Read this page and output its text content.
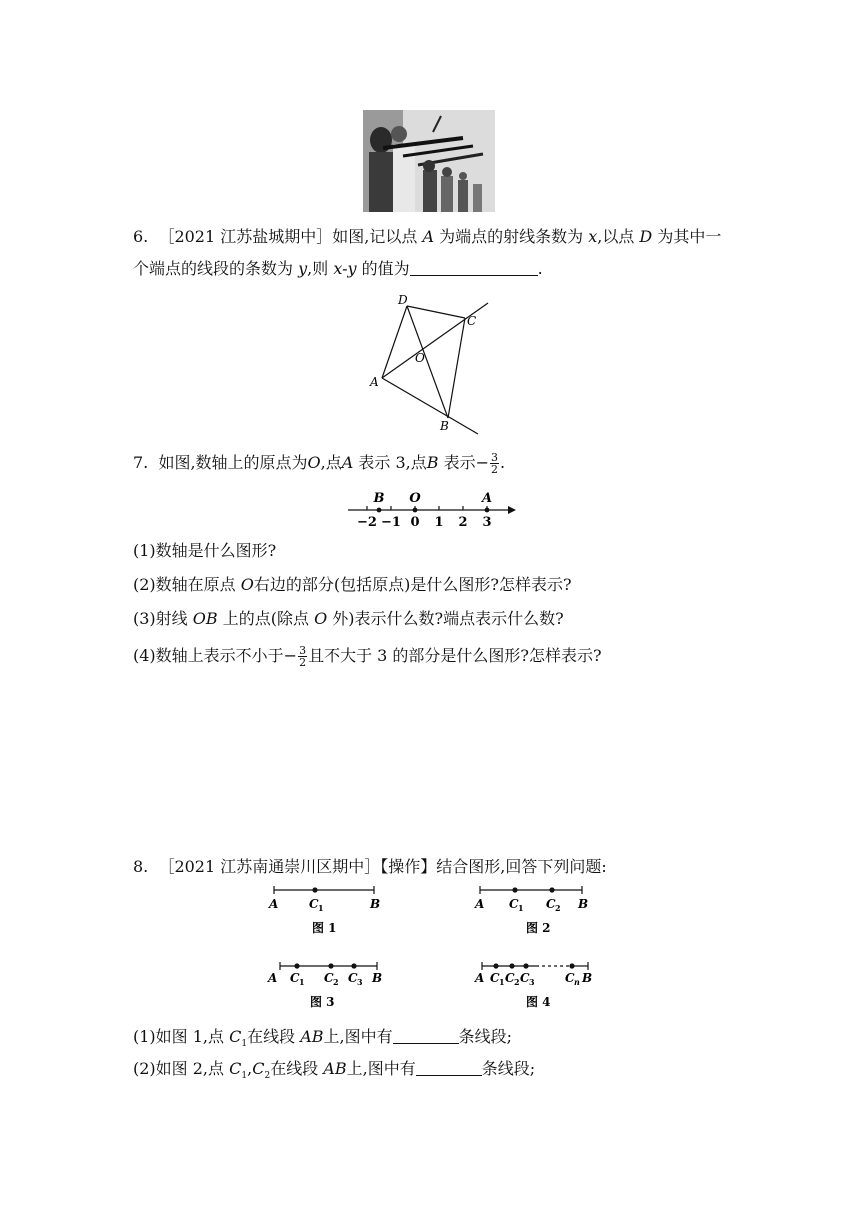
6. ［2021 江苏盐城期中］如图,记以点 A 为端点的射线条数为 x,以点 D 为其中一
个端点的线段的条数为 y,则 x-y 的值为	.
D
C
O
A
B
7. 如图,数轴上的原点为O,点A 表示 3,点B 表示− $\frac{3}{2}$ .
−2 −1 0 1 2 3
B O	A
(1)数轴是什么图形?
(2)数轴在原点 O右边的部分(包括原点)是什么图形?怎样表示?
(3)射线 OB 上的点(除点 O 外)表示什么数?端点表示什么数?
(4)数轴上表示不小于− $\frac{3}{2}$ 且不大于 3 的部分是什么图形?怎样表示?
8. ［2021 江苏南通崇川区期中］【操作】结合图形,回答下列问题:
A	C 1	B
图 1
A C 1 C 2 B
图 2
A C 1 C 2 C 3 B
图 3
A C 1 C 2 C 3	C n B
图 4
(1)如图 1,点 $C_1$在线段 AB上,图中有	条线段;
(2)如图 2,点 $C_1,C_2$在线段 AB上,图中有	条线段;
